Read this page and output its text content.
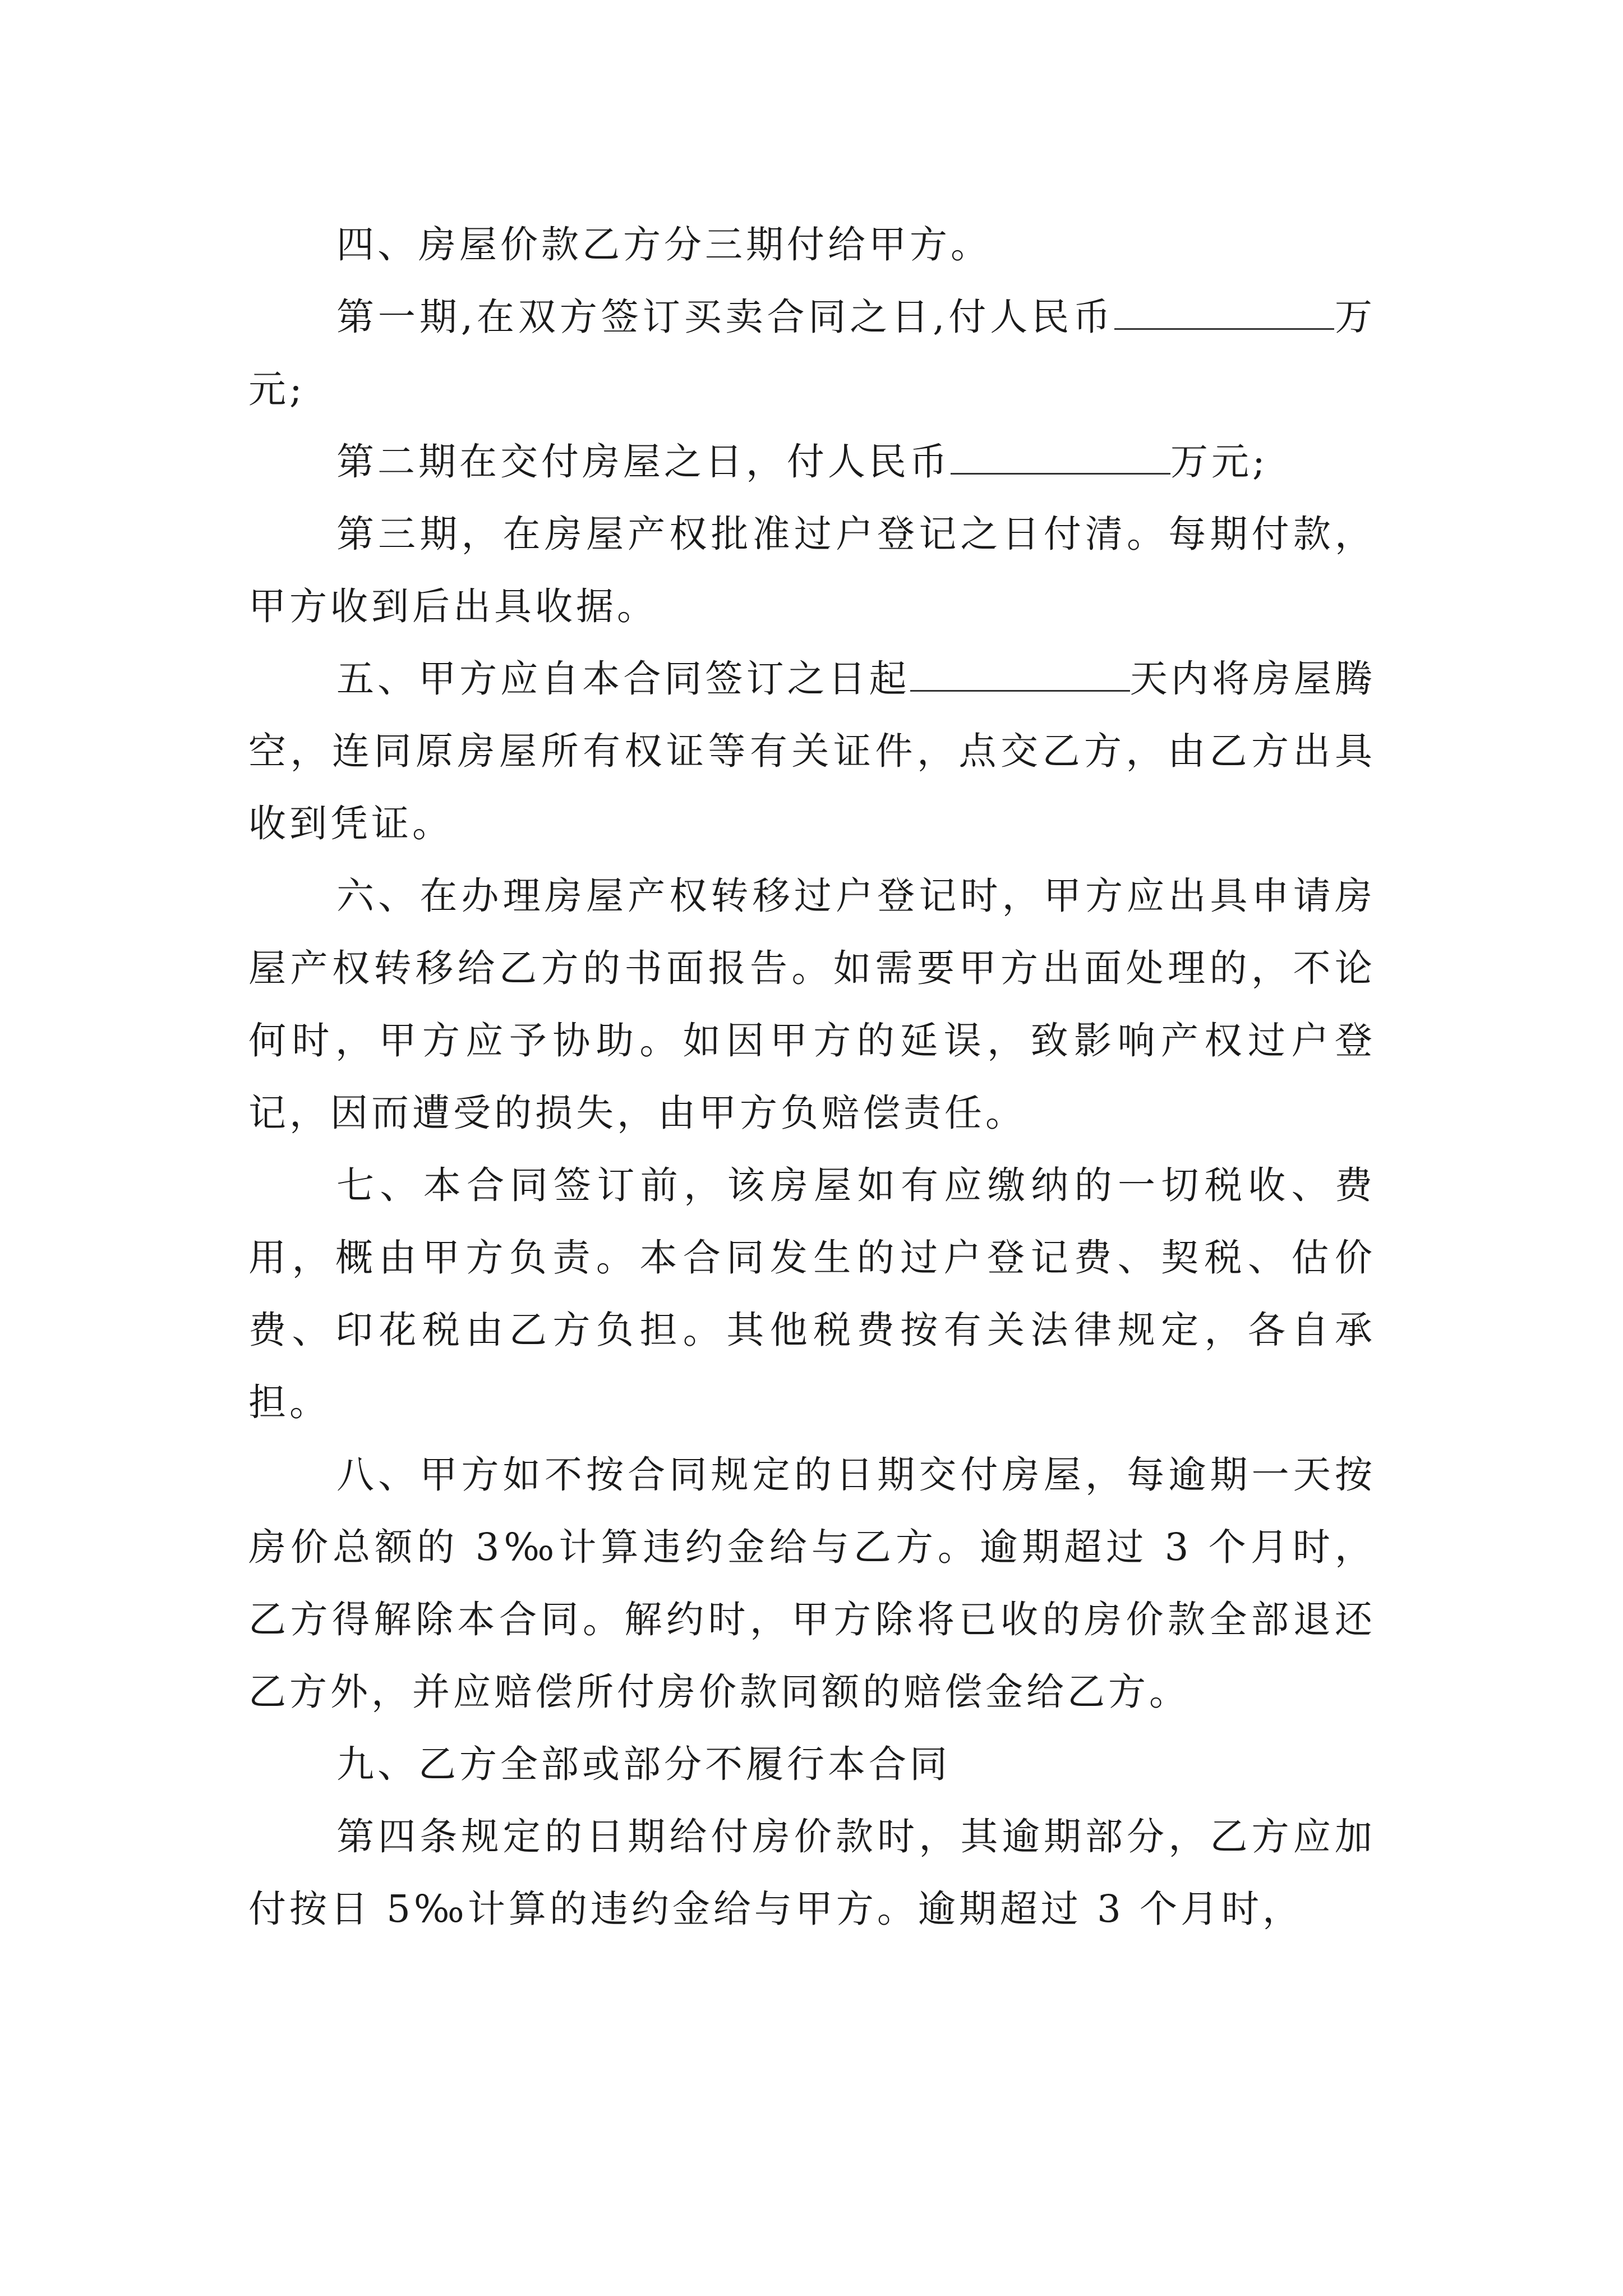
四、房屋价款乙方分三期付给甲方。

第一期,在双方签订买卖合同之日,付人民币	万元;

第二期在交付房屋之日，付人民币	万元;

第三期，在房屋产权批准过户登记之日付清。每期付款，甲方收到后出具收据。

五、甲方应自本合同签订之日起	天内将房屋腾空，连同原房屋所有权证等有关证件，点交乙方，由乙方出具收到凭证。

六、在办理房屋产权转移过户登记时，甲方应出具申请房屋产权转移给乙方的书面报告。如需要甲方出面处理的，不论何时，甲方应予协助。如因甲方的延误，致影响产权过户登记，因而遭受的损失，由甲方负赔偿责任。

七、本合同签订前，该房屋如有应缴纳的一切税收、费用，概由甲方负责。本合同发生的过户登记费、契税、估价费、印花税由乙方负担。其他税费按有关法律规定，各自承担。

八、甲方如不按合同规定的日期交付房屋，每逾期一天按房价总额的 3‰计算违约金给与乙方。逾期超过 3 个月时，乙方得解除本合同。解约时，甲方除将已收的房价款全部退还乙方外，并应赔偿所付房价款同额的赔偿金给乙方。

九、乙方全部或部分不履行本合同

第四条规定的日期给付房价款时，其逾期部分，乙方应加付按日 5‰计算的违约金给与甲方。逾期超过 3 个月时，
